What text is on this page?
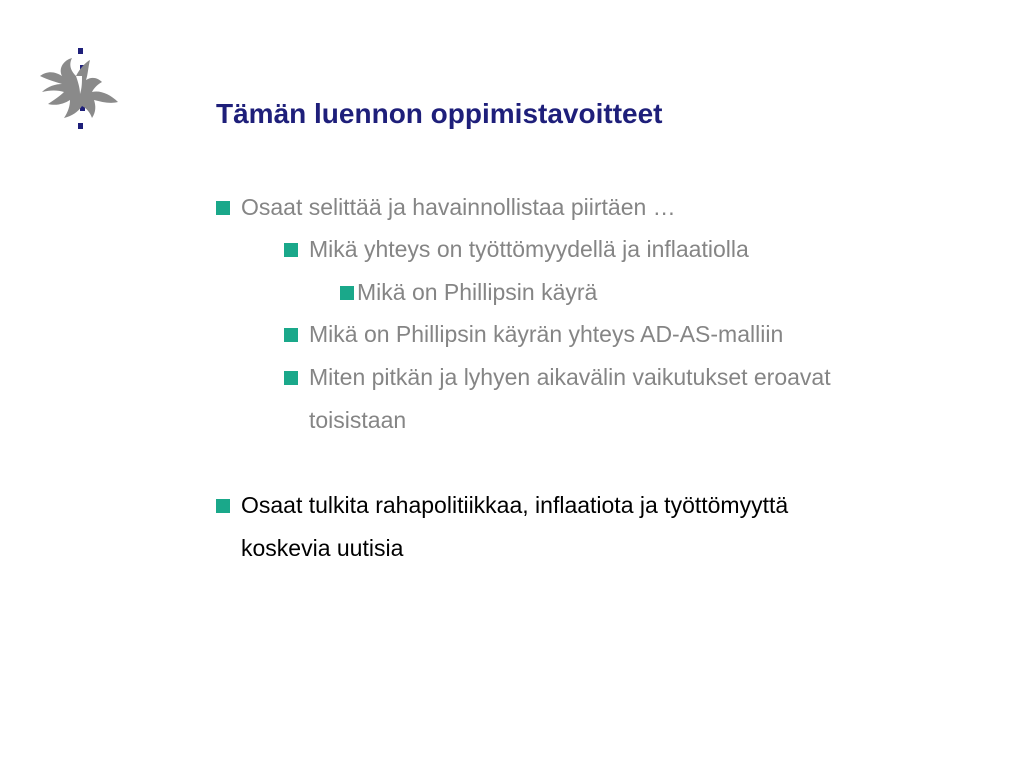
Tämän luennon oppimistavoitteet
Osaat selittää ja havainnollistaa piirtäen …
Mikä yhteys on työttömyydellä ja inflaatiolla
Mikä on Phillipsin käyrä
Mikä on Phillipsin käyrän yhteys AD-AS-malliin
Miten pitkän ja lyhyen aikavälin vaikutukset eroavat
toisistaan
Osaat tulkita rahapolitiikkaa, inflaatiota ja työttömyyttä
koskevia uutisia
